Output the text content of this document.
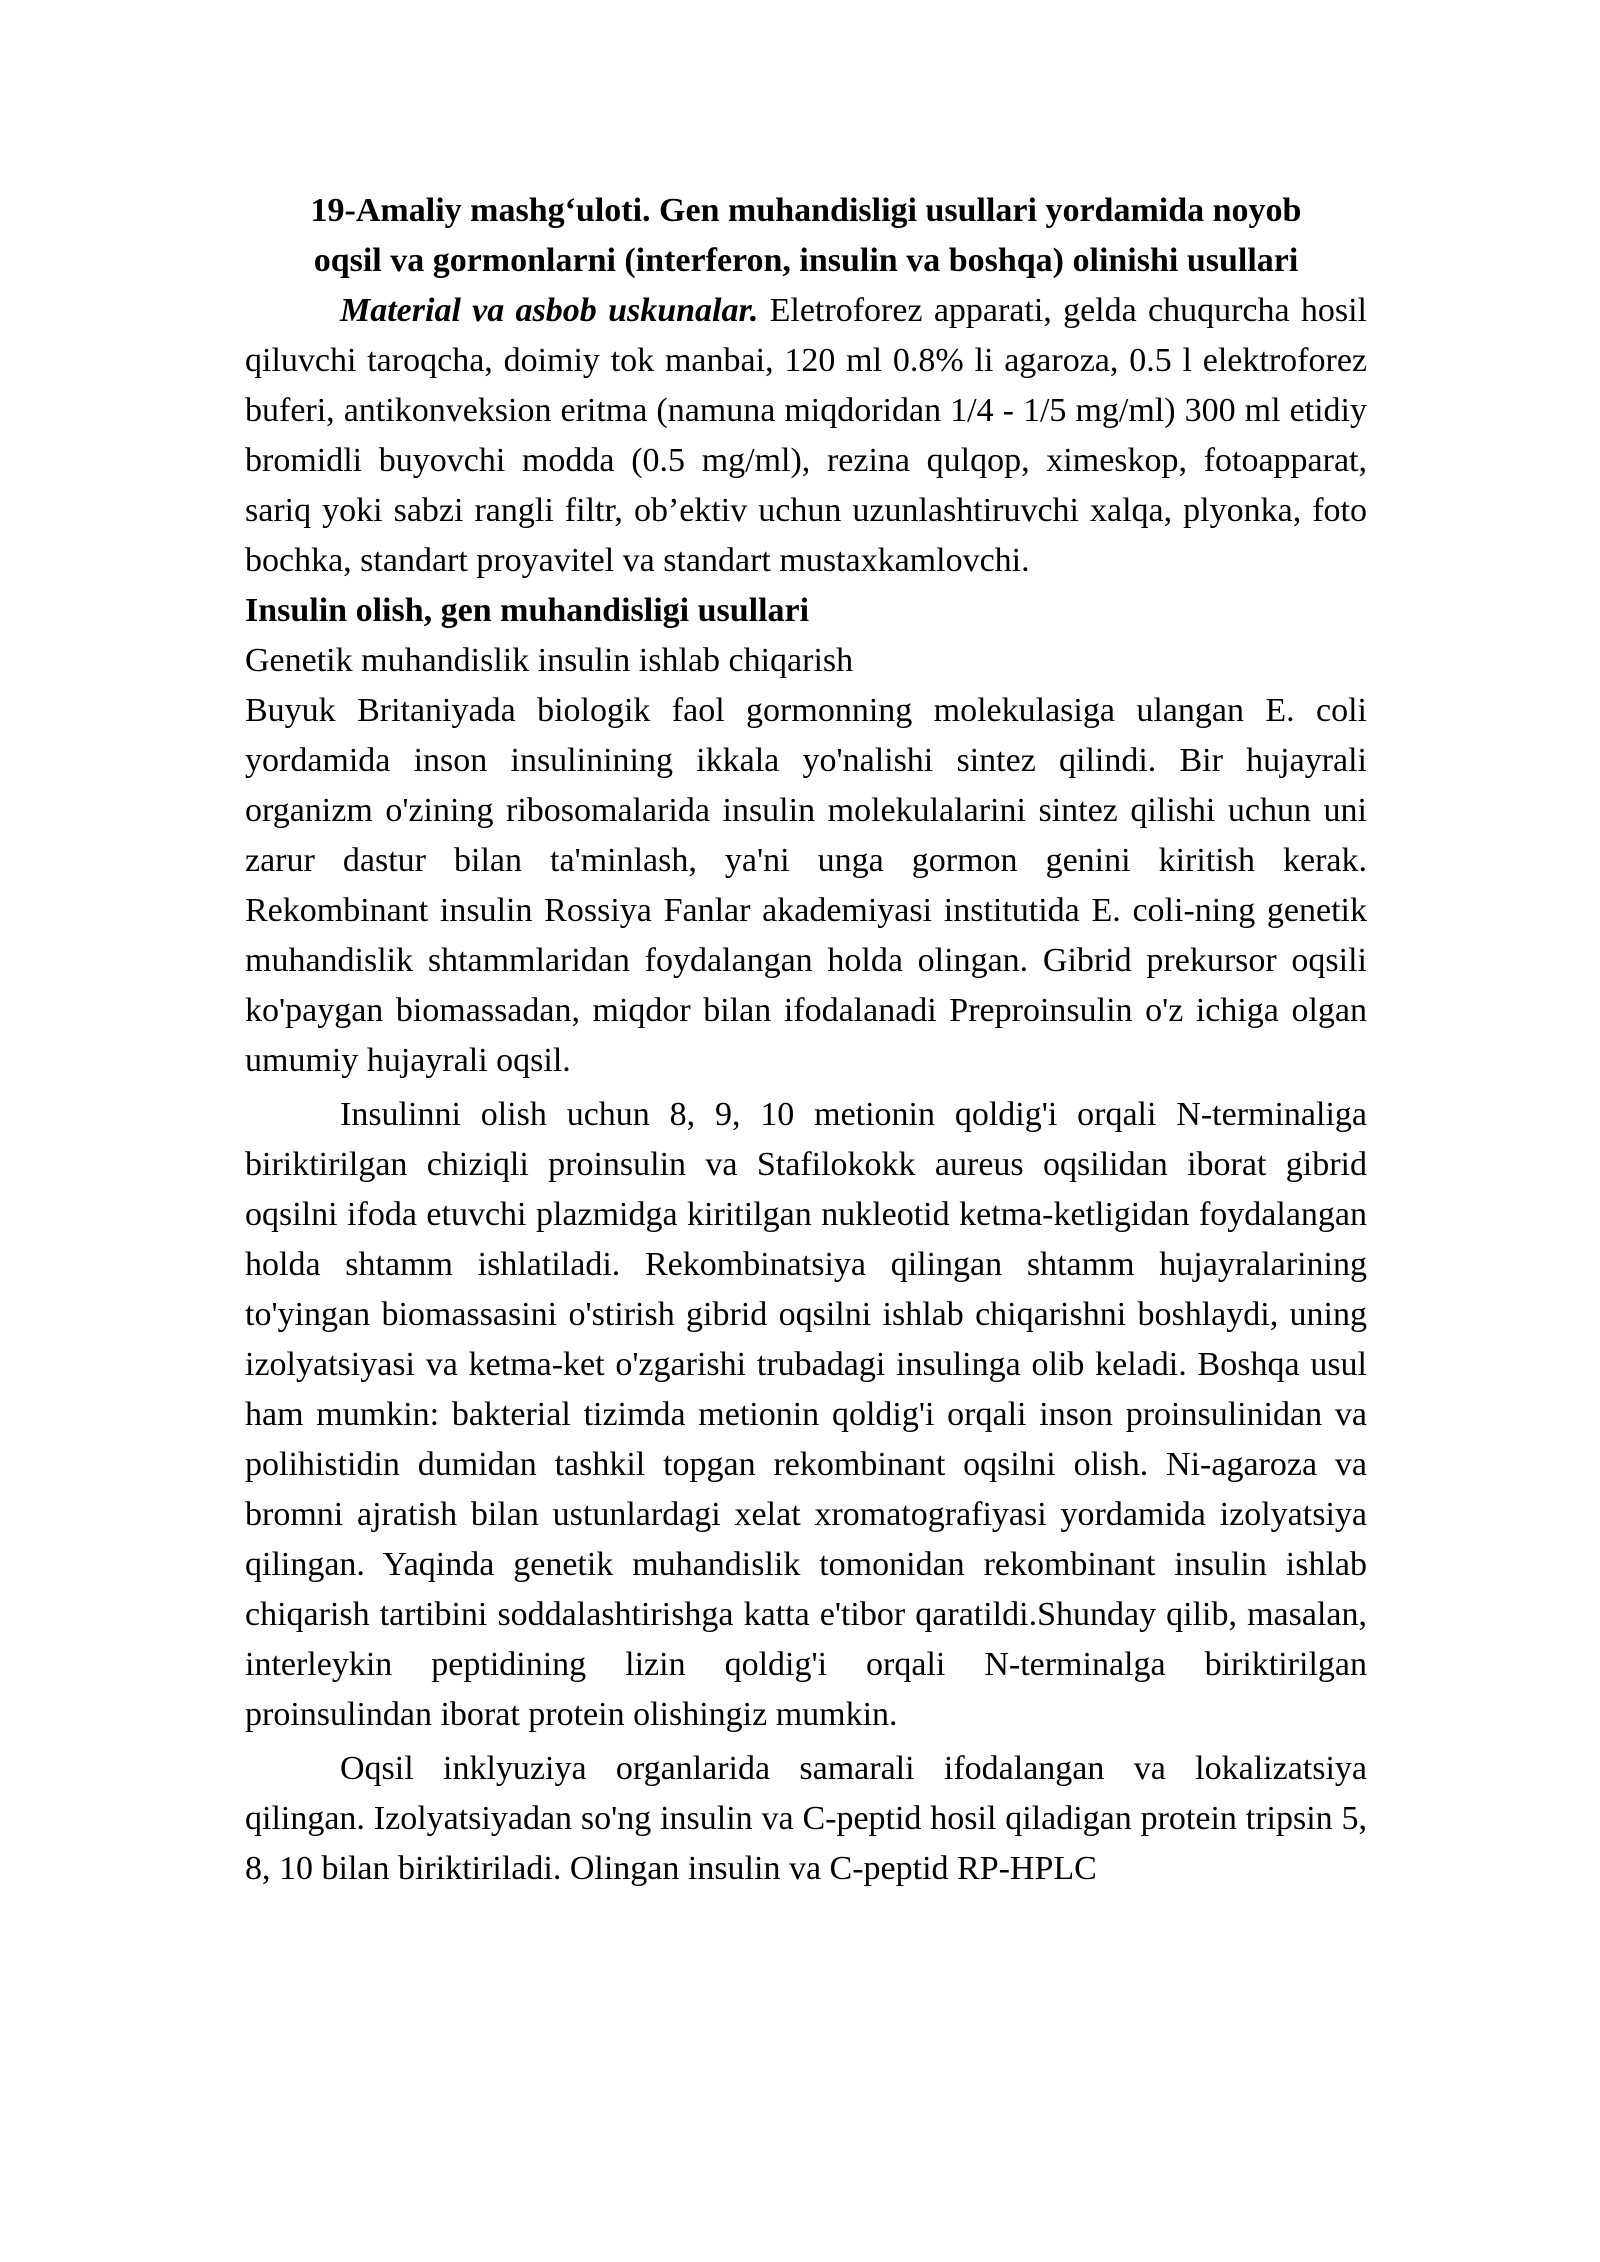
19-Amaliy mashg‘uloti. Gen muhandisligi usullari yordamida noyob

oqsil va gormonlarni (interferon, insulin va boshqa) olinishi usullari

Material va asbob uskunalar. Eletroforez apparati, gelda chuqurcha hosil qiluvchi taroqcha, doimiy tok manbai, 120 ml 0.8% li agaroza, 0.5 l elektroforez buferi, antikonveksion eritma (namuna miqdoridan 1/4 - 1/5 mg/ml) 300 ml etidiy bromidli buyovchi modda (0.5 mg/ml), rezina qulqop, ximeskop, fotoapparat, sariq yoki sabzi rangli filtr, ob’ektiv uchun uzunlashtiruvchi xalqa, plyonka, foto bochka, standart proyavitel va standart mustaxkamlovchi.

Insulin olish, gen muhandisligi usullari

Genetik muhandislik insulin ishlab chiqarish

Buyuk Britaniyada biologik faol gormonning molekulasiga ulangan E. coli yordamida inson insulinining ikkala yo'nalishi sintez qilindi. Bir hujayrali organizm o'zining ribosomalarida insulin molekulalarini sintez qilishi uchun uni zarur dastur bilan ta'minlash, ya'ni unga gormon genini kiritish kerak. Rekombinant insulin Rossiya Fanlar akademiyasi institutida E. coli-ning genetik muhandislik shtammlaridan foydalangan holda olingan. Gibrid prekursor oqsili ko'paygan biomassadan, miqdor bilan ifodalanadi Preproinsulin o'z ichiga olgan umumiy hujayrali oqsil.

Insulinni olish uchun 8, 9, 10 metionin qoldig'i orqali N-terminaliga biriktirilgan chiziqli proinsulin va Stafilokokk aureus oqsilidan iborat gibrid oqsilni ifoda etuvchi plazmidga kiritilgan nukleotid ketma-ketligidan foydalangan holda shtamm ishlatiladi. Rekombinatsiya qilingan shtamm hujayralarining to'yingan biomassasini o'stirish gibrid oqsilni ishlab chiqarishni boshlaydi, uning izolyatsiyasi va ketma-ket o'zgarishi trubadagi insulinga olib keladi. Boshqa usul ham mumkin: bakterial tizimda metionin qoldig'i orqali inson proinsulinidan va polihistidin dumidan tashkil topgan rekombinant oqsilni olish. Ni-agaroza va bromni ajratish bilan ustunlardagi xelat xromatografiyasi yordamida izolyatsiya qilingan. Yaqinda genetik muhandislik tomonidan rekombinant insulin ishlab chiqarish tartibini soddalashtirishga katta e'tibor qaratildi.Shunday qilib, masalan, interleykin peptidining lizin qoldig'i orqali N-terminalga biriktirilgan proinsulindan iborat protein olishingiz mumkin.

Oqsil inklyuziya organlarida samarali ifodalangan va lokalizatsiya qilingan. Izolyatsiyadan so'ng insulin va C-peptid hosil qiladigan protein tripsin 5, 8, 10 bilan biriktiriladi. Olingan insulin va C-peptid RP-HPLC
